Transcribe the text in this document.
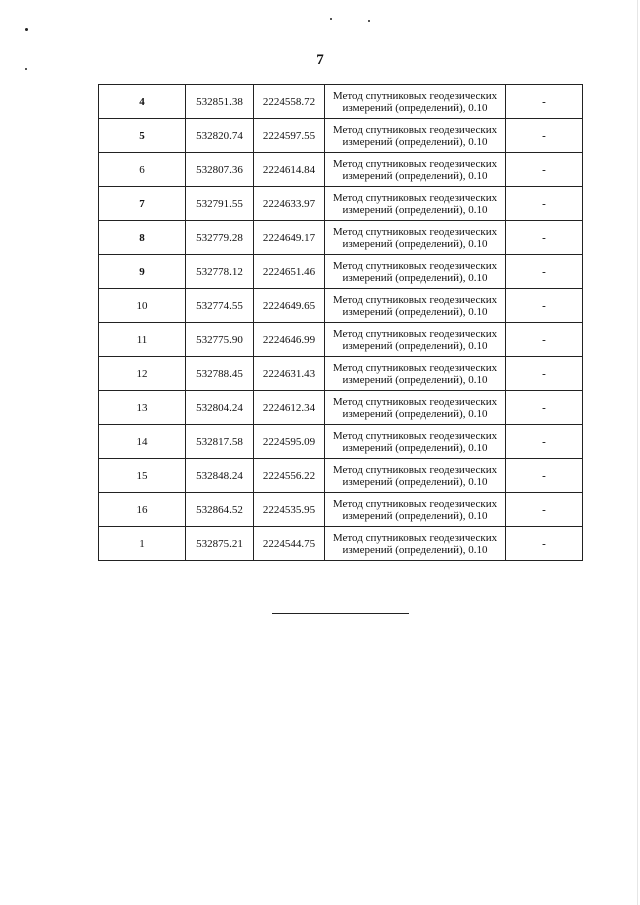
7
4	532851.38	2224558.72	Метод спутниковых геодезических
измерений (определений), 0.10	-
5	532820.74	2224597.55	Метод спутниковых геодезических
измерений (определений), 0.10	-
6	532807.36	2224614.84	Метод спутниковых геодезических
измерений (определений), 0.10	-
7	532791.55	2224633.97	Метод спутниковых геодезических
измерений (определений), 0.10	-
8	532779.28	2224649.17	Метод спутниковых геодезических
измерений (определений), 0.10	-
9	532778.12	2224651.46	Метод спутниковых геодезических
измерений (определений), 0.10	-
10	532774.55	2224649.65	Метод спутниковых геодезических
измерений (определений), 0.10	-
11	532775.90	2224646.99	Метод спутниковых геодезических
измерений (определений), 0.10	-
12	532788.45	2224631.43	Метод спутниковых геодезических
измерений (определений), 0.10	-
13	532804.24	2224612.34	Метод спутниковых геодезических
измерений (определений), 0.10	-
14	532817.58	2224595.09	Метод спутниковых геодезических
измерений (определений), 0.10	-
15	532848.24	2224556.22	Метод спутниковых геодезических
измерений (определений), 0.10	-
16	532864.52	2224535.95	Метод спутниковых геодезических
измерений (определений), 0.10	-
1	532875.21	2224544.75	Метод спутниковых геодезических
измерений (определений), 0.10	-
